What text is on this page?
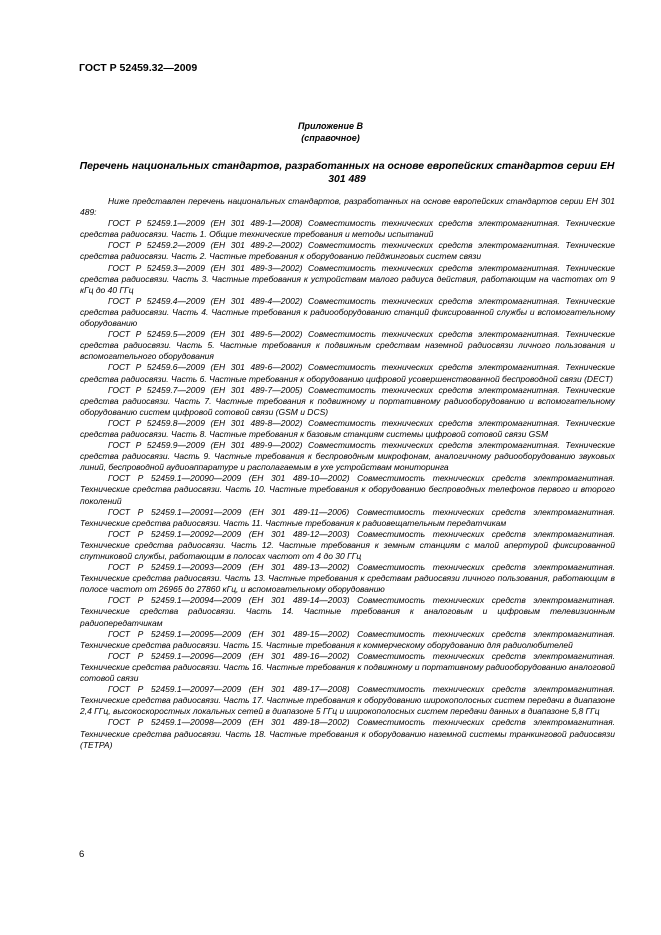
ГОСТ Р 52459.32—2009
Приложение В
(справочное)
Перечень национальных стандартов, разработанных на основе европейских стандартов серии ЕН 301 489

Ниже представлен перечень национальных стандартов, разработанных на основе европейских стандартов серии ЕН 301 489:

ГОСТ Р 52459.1—2009 (ЕН 301 489-1—2008) Совместимость технических средств электромагнитная. Технические средства радиосвязи. Часть 1. Общие технические требования и методы испытаний

ГОСТ Р 52459.2—2009 (ЕН 301 489-2—2002) Совместимость технических средств электромагнитная. Технические средства радиосвязи. Часть 2. Частные требования к оборудованию пейджинговых систем связи

ГОСТ Р 52459.3—2009 (ЕН 301 489-3—2002) Совместимость технических средств электромагнитная. Технические средства радиосвязи. Часть 3. Частные требования к устройствам малого радиуса действия, работающим на частотах от 9 кГц до 40 ГГц

ГОСТ Р 52459.4—2009 (ЕН 301 489-4—2002) Совместимость технических средств электромагнитная. Технические средства радиосвязи. Часть 4. Частные требования к радиооборудованию станций фиксированной службы и вспомогательному оборудованию

ГОСТ Р 52459.5—2009 (ЕН 301 489-5—2002) Совместимость технических средств электромагнитная. Технические средства радиосвязи. Часть 5. Частные требования к подвижным средствам наземной радиосвязи личного пользования и вспомогательного оборудования

ГОСТ Р 52459.6—2009 (ЕН 301 489-6—2002) Совместимость технических средств электромагнитная. Технические средства радиосвязи. Часть 6. Частные требования к оборудованию цифровой усовершенствованной беспроводной связи (DECT)

ГОСТ Р 52459.7—2009 (ЕН 301 489-7—2005) Совместимость технических средств электромагнитная. Технические средства радиосвязи. Часть 7. Частные требования к подвижному и портативному радиооборудованию и вспомогательному оборудованию систем цифровой сотовой связи (GSM и DCS)

ГОСТ Р 52459.8—2009 (ЕН 301 489-8—2002) Совместимость технических средств электромагнитная. Технические средства радиосвязи. Часть 8. Частные требования к базовым станциям системы цифровой сотовой связи GSM

ГОСТ Р 52459.9—2009 (ЕН 301 489-9—2002) Совместимость технических средств электромагнитная. Технические средства радиосвязи. Часть 9. Частные требования к беспроводным микрофонам, аналогичному радиооборудованию звуковых линий, беспроводной аудиоаппаратуре и располагаемым в ухе устройствам мониторинга

ГОСТ Р 52459.1—20090—2009 (ЕН 301 489-10—2002) Совместимость технических средств электромагнитная. Технические средства радиосвязи. Часть 10. Частные требования к оборудованию беспроводных телефонов первого и второго поколений

ГОСТ Р 52459.1—20091—2009 (ЕН 301 489-11—2006) Совместимость технических средств электромагнитная. Технические средства радиосвязи. Часть 11. Частные требования к радиовещательным передатчикам

ГОСТ Р 52459.1—20092—2009 (ЕН 301 489-12—2003) Совместимость технических средств электромагнитная. Технические средства радиосвязи. Часть 12. Частные требования к земным станциям с малой апертурой фиксированной спутниковой службы, работающим в полосах частот от 4 до 30 ГГц

ГОСТ Р 52459.1—20093—2009 (ЕН 301 489-13—2002) Совместимость технических средств электромагнитная. Технические средства радиосвязи. Часть 13. Частные требования к средствам радиосвязи личного пользования, работающим в полосе частот от 26965 до 27860 кГц, и вспомогательному оборудованию

ГОСТ Р 52459.1—20094—2009 (ЕН 301 489-14—2003) Совместимость технических средств электромагнитная. Технические средства радиосвязи. Часть 14. Частные требования к аналоговым и цифровым телевизионным радиопередатчикам

ГОСТ Р 52459.1—20095—2009 (ЕН 301 489-15—2002) Совместимость технических средств электромагнитная. Технические средства радиосвязи. Часть 15. Частные требования к коммерческому оборудованию для радиолюбителей

ГОСТ Р 52459.1—20096—2009 (ЕН 301 489-16—2002) Совместимость технических средств электромагнитная. Технические средства радиосвязи. Часть 16. Частные требования к подвижному и портативному радиооборудованию аналоговой сотовой связи

ГОСТ Р 52459.1—20097—2009 (ЕН 301 489-17—2008) Совместимость технических средств электромагнитная. Технические средства радиосвязи. Часть 17. Частные требования к оборудованию широкополосных систем передачи в диапазоне 2,4 ГГц, высокоскоростных локальных сетей в диапазоне 5 ГГц и широкополосных систем передачи данных в диапазоне 5,8 ГГц

ГОСТ Р 52459.1—20098—2009 (ЕН 301 489-18—2002) Совместимость технических средств электромагнитная. Технические средства радиосвязи. Часть 18. Частные требования к оборудованию наземной системы транкинговой радиосвязи (TETPA)

6
